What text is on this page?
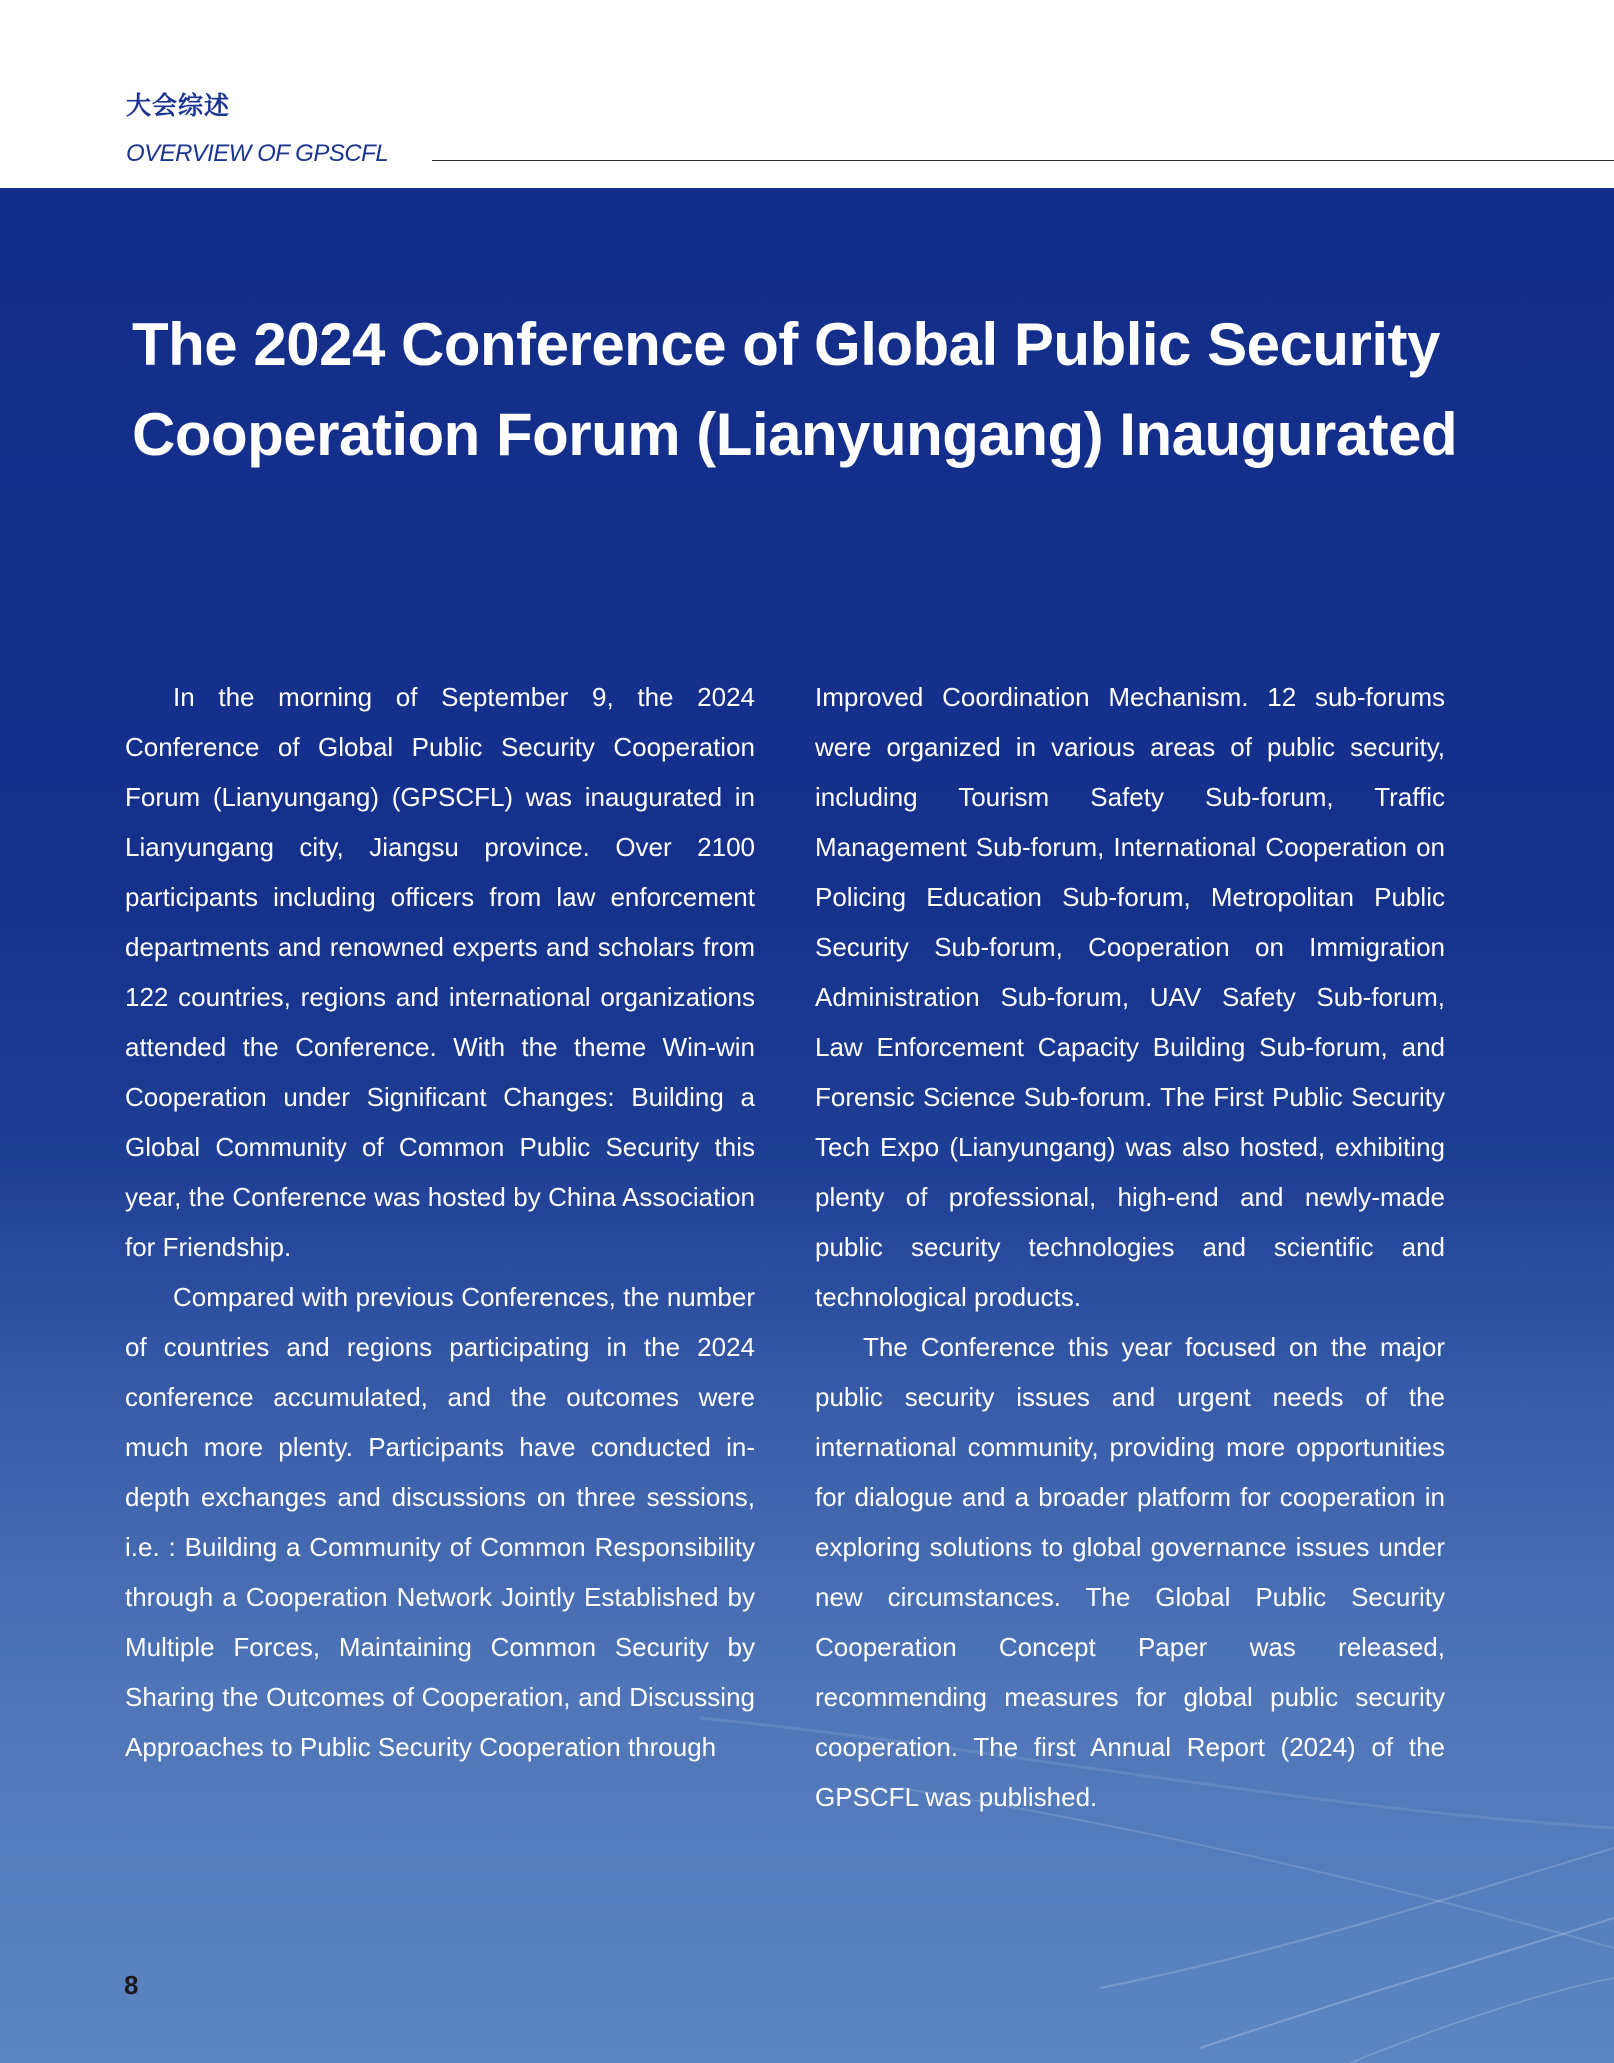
大会综述
OVERVIEW OF GPSCFL
The 2024 Conference of Global Public Security
Cooperation Forum (Lianyungang) Inaugurated

In the morning of September 9, the 2024 Conference of Global Public Security Cooperation Forum (Lianyungang) (GPSCFL) was inaugurated in Lianyungang city, Jiangsu province. Over 2100 participants including officers from law enforcement departments and renowned experts and scholars from 122 countries, regions and international organizations attended the Conference. With the theme Win-win Cooperation under Significant Changes: Building a Global Community of Common Public Security this year, the Conference was hosted by China Association for Friendship.

Compared with previous Conferences, the number of countries and regions participating in the 2024 conference accumulated, and the outcomes were much more plenty. Participants have conducted in-depth exchanges and discussions on three sessions, i.e. : Building a Community of Common Responsibility through a Cooperation Network Jointly Established by Multiple Forces, Maintaining Common Security by Sharing the Outcomes of Cooperation, and Discussing Approaches to Public Security Cooperation through

Improved Coordination Mechanism. 12 sub-forums were organized in various areas of public security, including Tourism Safety Sub-forum, Traffic Management Sub-forum, International Cooperation on Policing Education Sub-forum, Metropolitan Public Security Sub-forum, Cooperation on Immigration Administration Sub-forum, UAV Safety Sub-forum, Law Enforcement Capacity Building Sub-forum, and Forensic Science Sub-forum. The First Public Security Tech Expo (Lianyungang) was also hosted, exhibiting plenty of professional, high-end and newly-made public security technologies and scientific and technological products.

The Conference this year focused on the major public security issues and urgent needs of the international community, providing more opportunities for dialogue and a broader platform for cooperation in exploring solutions to global governance issues under new circumstances. The Global Public Security Cooperation Concept Paper was released, recommending measures for global public security cooperation. The first Annual Report (2024) of the GPSCFL was published.

8
